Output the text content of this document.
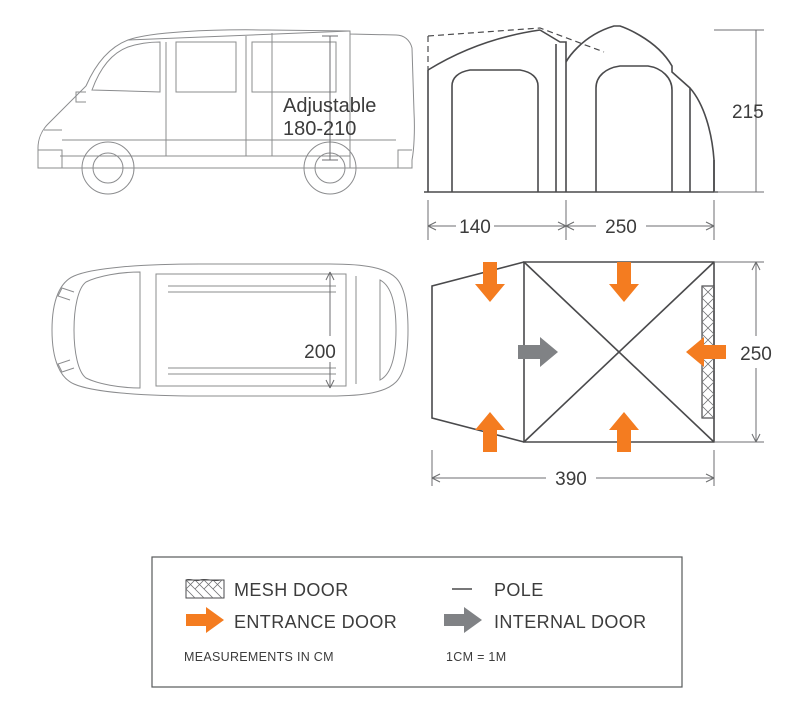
Adjustable
180-210
200
215
140	250
250
390
MESH DOOR	POLE
ENTRANCE DOOR	INTERNAL DOOR
MEASUREMENTS IN CM	1CM = 1M
